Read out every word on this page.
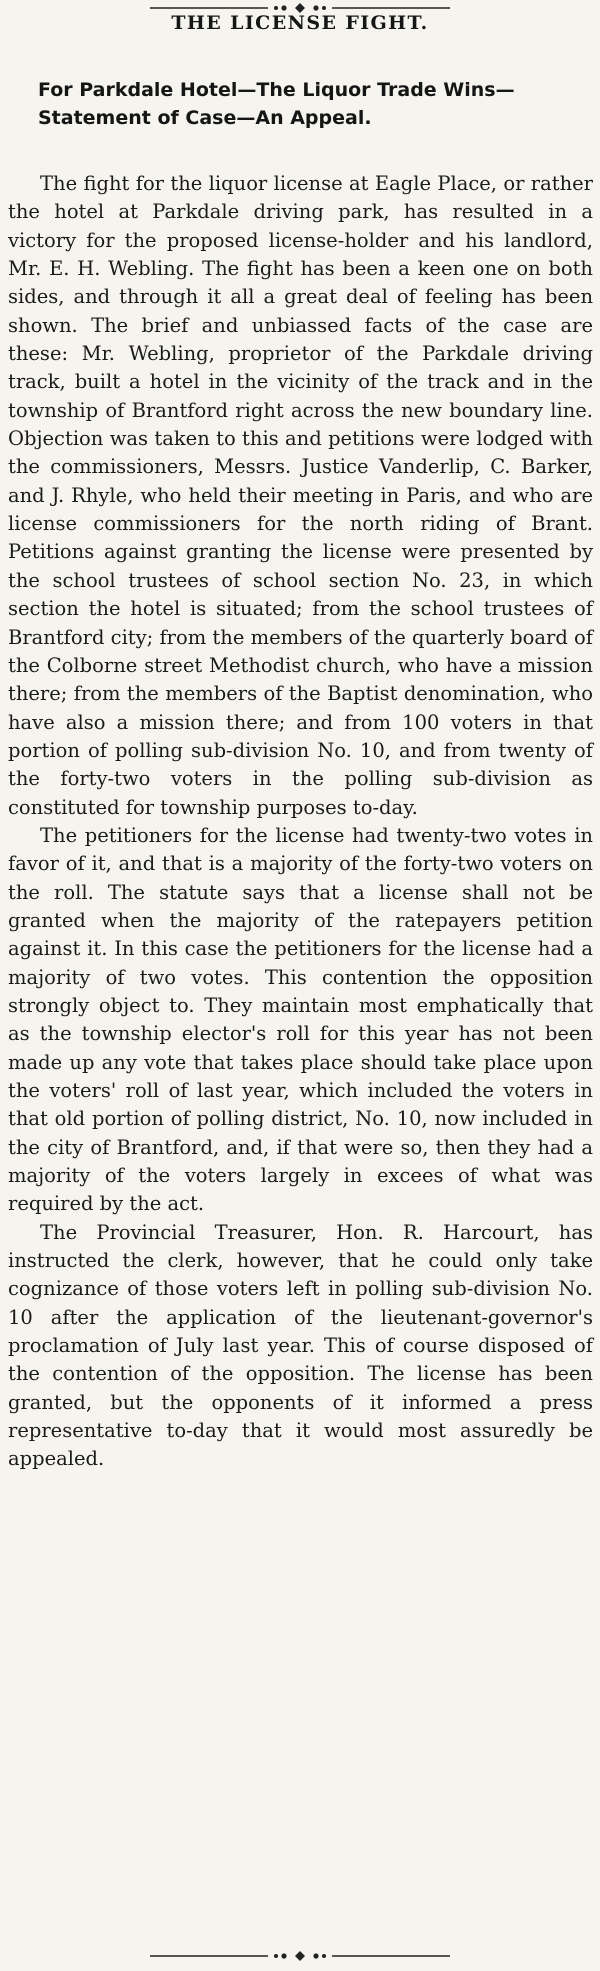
THE LICENSE FIGHT.
For Parkdale Hotel—The Liquor Trade Wins—Statement of Case—An Appeal.

The fight for the liquor license at Eagle Place, or rather the hotel at Parkdale driving park, has resulted in a victory for the proposed license-holder and his landlord, Mr. E. H. Webling. The fight has been a keen one on both sides, and through it all a great deal of feeling has been shown. The brief and unbiassed facts of the case are these: Mr. Webling, proprietor of the Parkdale driving track, built a hotel in the vicinity of the track and in the township of Brantford right across the new boundary line. Objection was taken to this and petitions were lodged with the commissioners, Messrs. Justice Vanderlip, C. Barker, and J. Rhyle, who held their meeting in Paris, and who are license commissioners for the north riding of Brant. Petitions against granting the license were presented by the school trustees of school section No. 23, in which section the hotel is situated; from the school trustees of Brantford city; from the members of the quarterly board of the Colborne street Methodist church, who have a mission there; from the members of the Baptist denomination, who have also a mission there; and from 100 voters in that portion of polling sub-division No. 10, and from twenty of the forty-two voters in the polling sub-division as constituted for township purposes to-day.

The petitioners for the license had twenty-two votes in favor of it, and that is a majority of the forty-two voters on the roll. The statute says that a license shall not be granted when the majority of the ratepayers petition against it. In this case the petitioners for the license had a majority of two votes. This contention the opposition strongly object to. They maintain most emphatically that as the township elector's roll for this year has not been made up any vote that takes place should take place upon the voters' roll of last year, which included the voters in that old portion of polling district, No. 10, now included in the city of Brantford, and, if that were so, then they had a majority of the voters largely in excees of what was required by the act.

The Provincial Treasurer, Hon. R. Harcourt, has instructed the clerk, however, that he could only take cognizance of those voters left in polling sub-division No. 10 after the application of the lieutenant-governor's proclamation of July last year. This of course disposed of the contention of the opposition. The license has been granted, but the opponents of it informed a press representative to-day that it would most assuredly be appealed.
